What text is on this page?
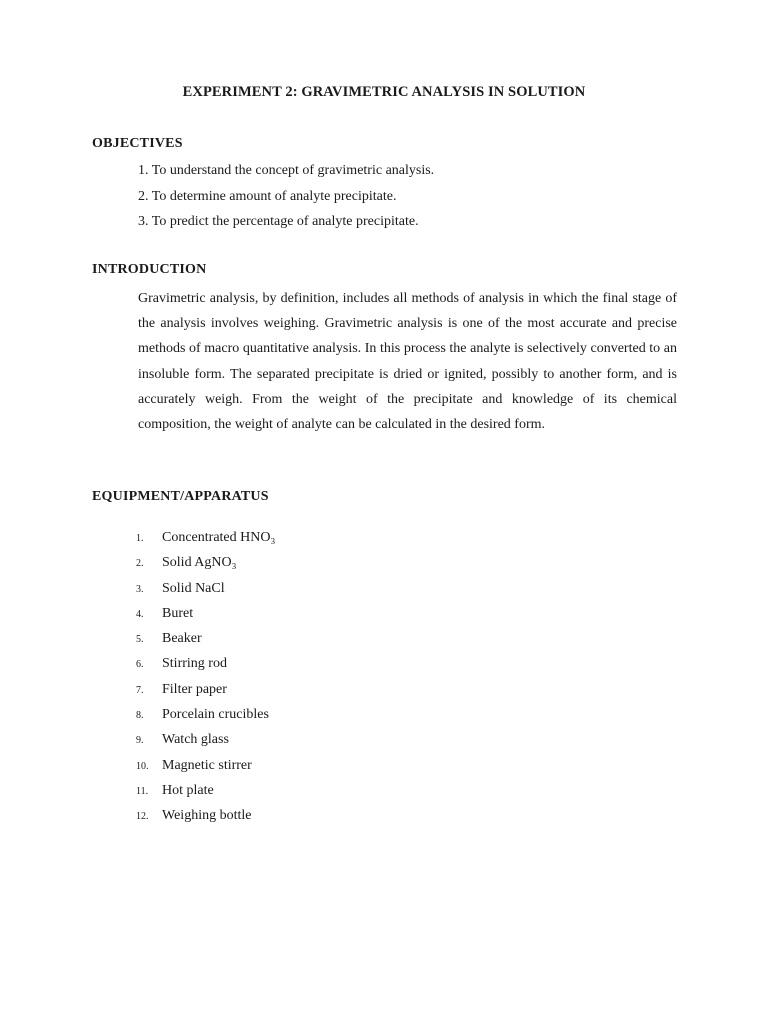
EXPERIMENT 2: GRAVIMETRIC ANALYSIS IN SOLUTION
OBJECTIVES
1. To understand the concept of gravimetric analysis.
2. To determine amount of analyte precipitate.
3. To predict the percentage of analyte precipitate.
INTRODUCTION

Gravimetric analysis, by definition, includes all methods of analysis in which the final stage of the analysis involves weighing. Gravimetric analysis is one of the most accurate and precise methods of macro quantitative analysis. In this process the analyte is selectively converted to an insoluble form. The separated precipitate is dried or ignited, possibly to another form, and is accurately weigh. From the weight of the precipitate and knowledge of its chemical composition, the weight of analyte can be calculated in the desired form.

EQUIPMENT/APPARATUS
1.	Concentrated HNO₃
2.	Solid AgNO₃
3.	Solid NaCl
4.	Buret
5.	Beaker
6.	Stirring rod
7.	Filter paper
8.	Porcelain crucibles
9.	Watch glass
10. Magnetic stirrer
11. Hot plate
12. Weighing bottle
